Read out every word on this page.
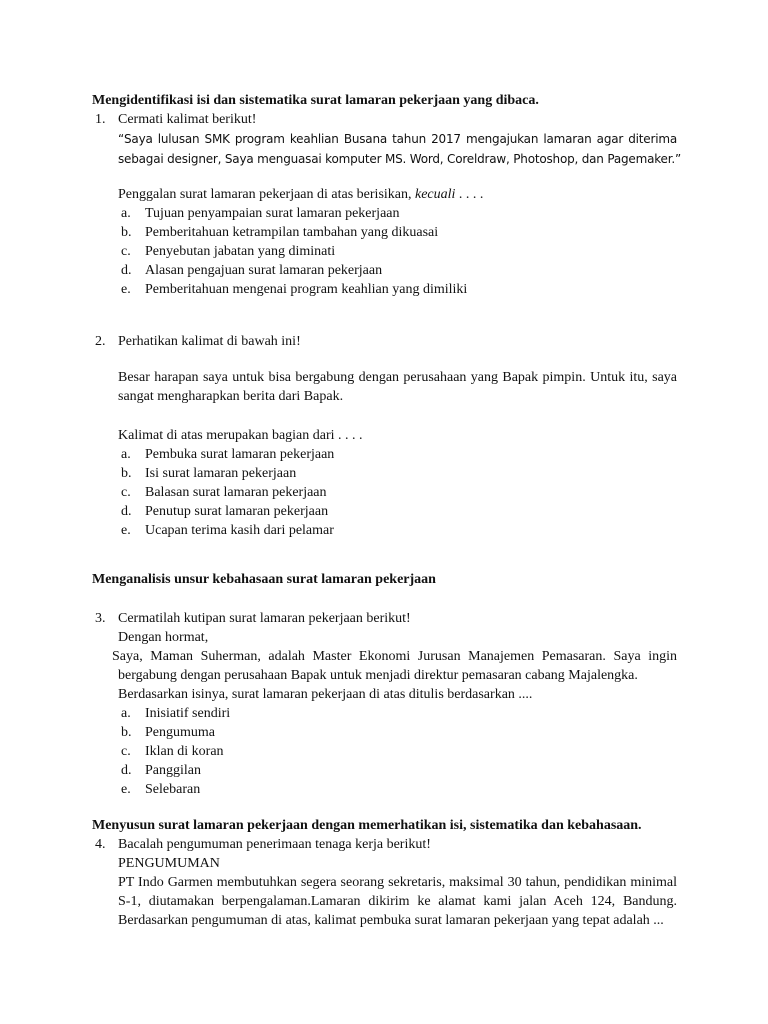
Mengidentifikasi isi dan sistematika surat lamaran pekerjaan yang dibaca.
1. Cermati kalimat berikut!
“Saya lulusan SMK program keahlian Busana tahun 2017 mengajukan lamaran agar diterima
sebagai designer, Saya menguasai komputer MS. Word, Coreldraw, Photoshop, dan Pagemaker.”
Penggalan surat lamaran pekerjaan di atas berisikan, kecuali . . . .
a. Tujuan penyampaian surat lamaran pekerjaan
b. Pemberitahuan ketrampilan tambahan yang dikuasai
c. Penyebutan jabatan yang diminati
d. Alasan pengajuan surat lamaran pekerjaan
e. Pemberitahuan mengenai program keahlian yang dimiliki
2. Perhatikan kalimat di bawah ini!
Besar harapan saya untuk bisa bergabung dengan perusahaan yang Bapak pimpin. Untuk itu, saya
sangat mengharapkan berita dari Bapak.
Kalimat di atas merupakan bagian dari . . . .
a. Pembuka surat lamaran pekerjaan
b. Isi surat lamaran pekerjaan
c. Balasan surat lamaran pekerjaan
d. Penutup surat lamaran pekerjaan
e. Ucapan terima kasih dari pelamar
Menganalisis unsur kebahasaan surat lamaran pekerjaan
3. Cermatilah kutipan surat lamaran pekerjaan berikut!
Dengan hormat,
Saya, Maman Suherman, adalah Master Ekonomi Jurusan Manajemen Pemasaran. Saya ingin
bergabung dengan perusahaan Bapak untuk menjadi direktur pemasaran cabang Majalengka.
Berdasarkan isinya, surat lamaran pekerjaan di atas ditulis berdasarkan ....
a. Inisiatif sendiri
b. Pengumuma
c. Iklan di koran
d. Panggilan
e. Selebaran
Menyusun surat lamaran pekerjaan dengan memerhatikan isi, sistematika dan kebahasaan.
4. Bacalah pengumuman penerimaan tenaga kerja berikut!
PENGUMUMAN
PT Indo Garmen membutuhkan segera seorang sekretaris, maksimal 30 tahun, pendidikan minimal
S-1, diutamakan berpengalaman.Lamaran dikirim ke alamat kami jalan Aceh 124, Bandung.
Berdasarkan pengumuman di atas, kalimat pembuka surat lamaran pekerjaan yang tepat adalah ...
